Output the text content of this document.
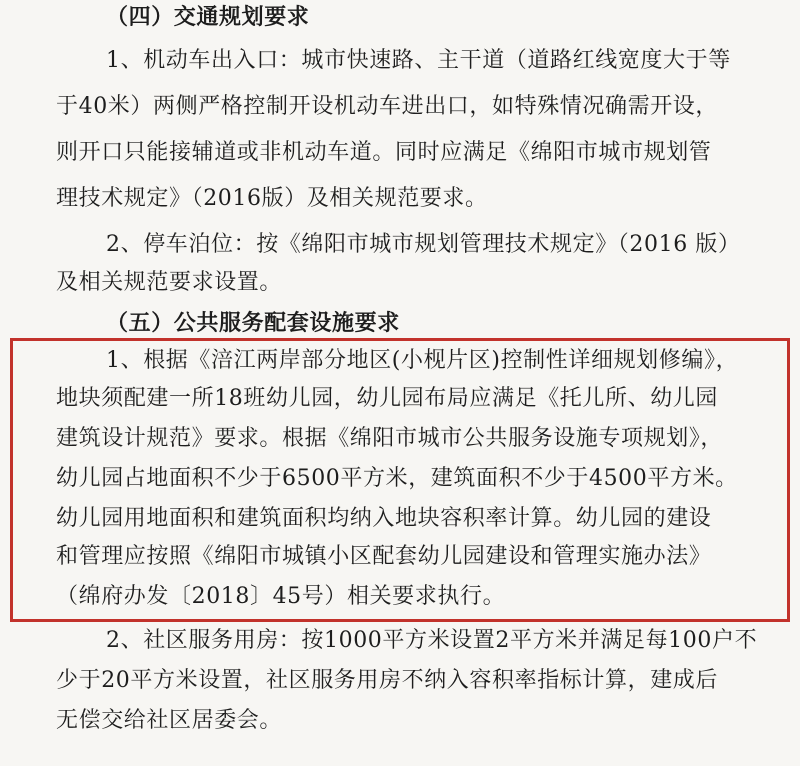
（四）交通规划要求
1、机动车出入口：城市快速路、主干道（道路红线宽度大于等
于40米）两侧严格控制开设机动车进出口，如特殊情况确需开设，
则开口只能接辅道或非机动车道。同时应满足《绵阳市城市规划管
理技术规定》（2016版）及相关规范要求。
2、停车泊位：按《绵阳市城市规划管理技术规定》（2016 版）
及相关规范要求设置。
（五）公共服务配套设施要求
1、根据《涪江两岸部分地区(小枧片区)控制性详细规划修编》，
地块须配建一所18班幼儿园，幼儿园布局应满足《托儿所、幼儿园
建筑设计规范》要求。根据《绵阳市城市公共服务设施专项规划》，
幼儿园占地面积不少于6500平方米，建筑面积不少于4500平方米。
幼儿园用地面积和建筑面积均纳入地块容积率计算。幼儿园的建设
和管理应按照《绵阳市城镇小区配套幼儿园建设和管理实施办法》
（绵府办发〔2018〕45号）相关要求执行。
2、社区服务用房：按1000平方米设置2平方米并满足每100户不
少于20平方米设置，社区服务用房不纳入容积率指标计算，建成后
无偿交给社区居委会。
